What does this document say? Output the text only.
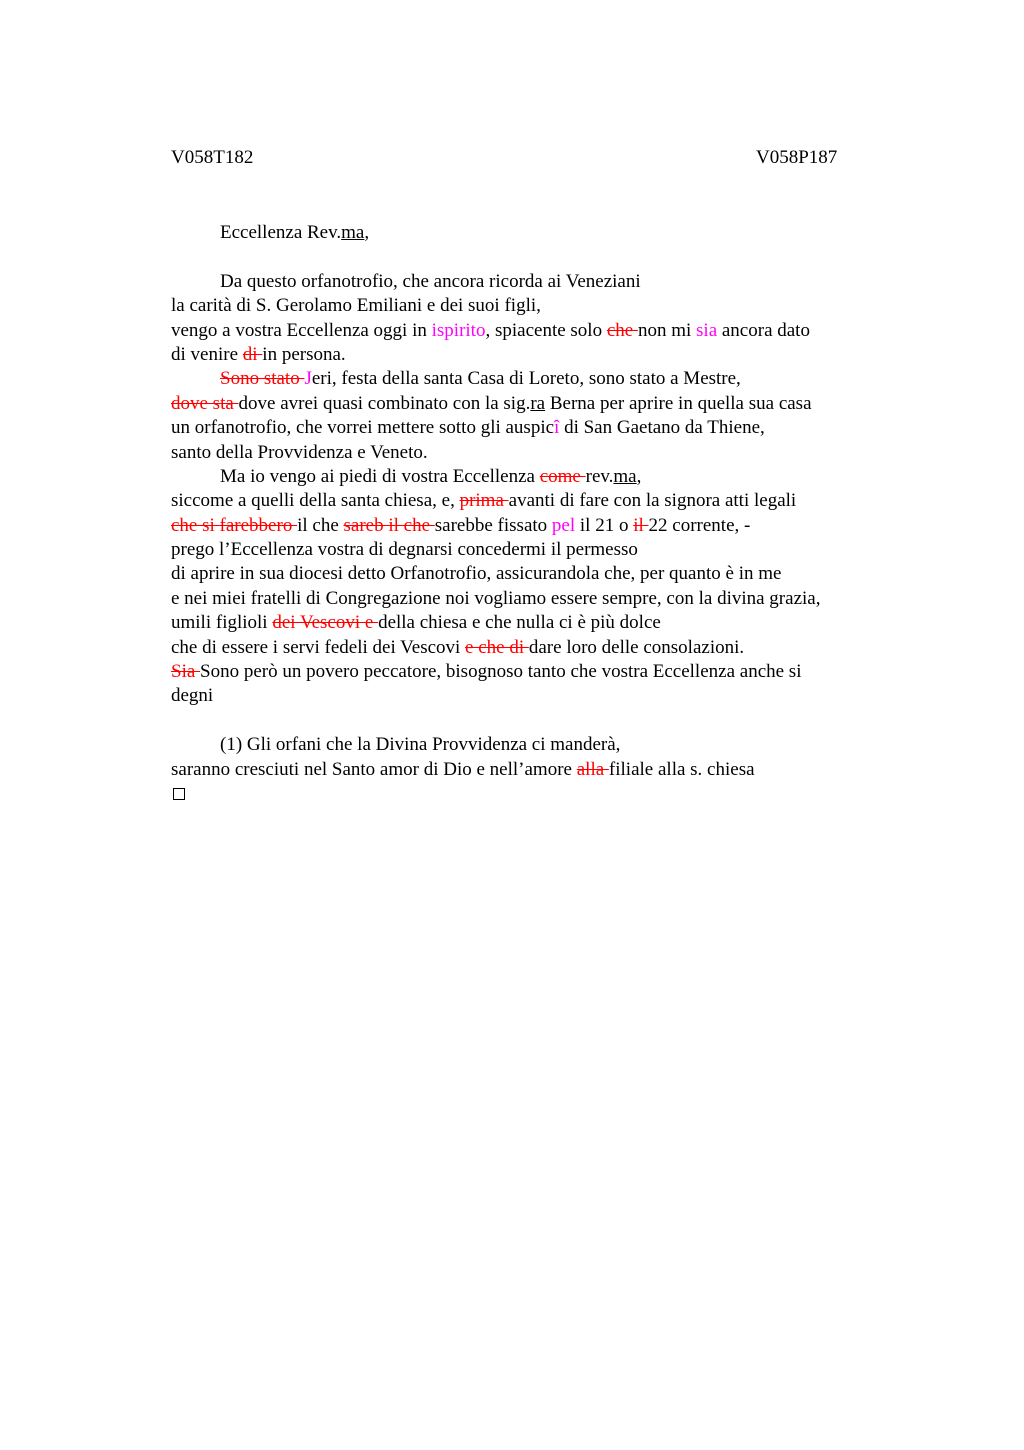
V058T182	V058P187
Eccellenza Rev.ma,
Da questo orfanotrofio, che ancora ricorda ai Veneziani
la carità di S. Gerolamo Emiliani e dei suoi figli,
vengo a vostra Eccellenza oggi in ispirito, spiacente solo che non mi sia ancora dato
di venire di in persona.
Sono stato Jeri, festa della santa Casa di Loreto, sono stato a Mestre,
dove sta dove avrei quasi combinato con la sig.ra Berna per aprire in quella sua casa
un orfanotrofio, che vorrei mettere sotto gli auspicî di San Gaetano da Thiene,
santo della Provvidenza e Veneto.
Ma io vengo ai piedi di vostra Eccellenza come rev.ma,
siccome a quelli della santa chiesa, e, prima avanti di fare con la signora atti legali
che si farebbero il che sareb il che sarebbe fissato pel il 21 o il 22 corrente, -
prego l’Eccellenza vostra di degnarsi concedermi il permesso
di aprire in sua diocesi detto Orfanotrofio, assicurandola che, per quanto è in me
e nei miei fratelli di Congregazione noi vogliamo essere sempre, con la divina grazia,
umili figlioli dei Vescovi e della chiesa e che nulla ci è più dolce
che di essere i servi fedeli dei Vescovi e che di dare loro delle consolazioni.
Sia Sono però un povero peccatore, bisognoso tanto che vostra Eccellenza anche si
degni
(1) Gli orfani che la Divina Provvidenza ci manderà,
saranno cresciuti nel Santo amor di Dio e nell’amore alla filiale alla s. chiesa
